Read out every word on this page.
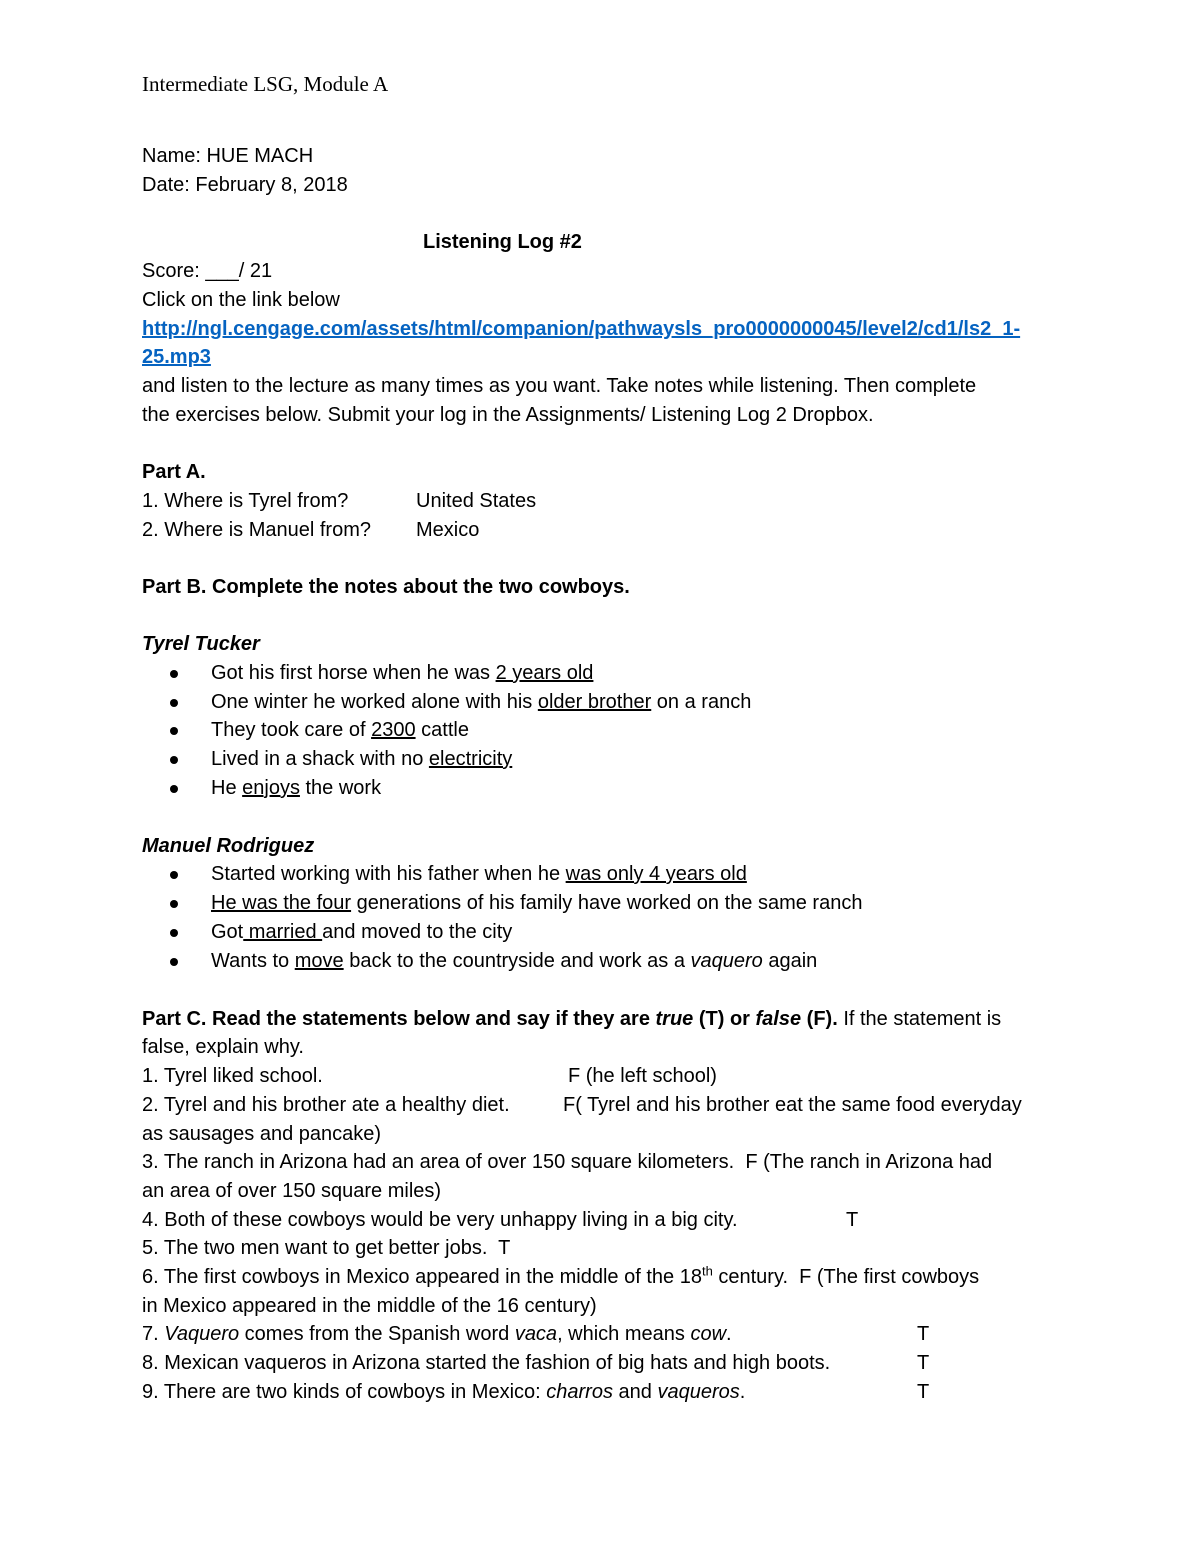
Intermediate LSG, Module A
Name: HUE MACH
Date: February 8, 2018
Listening Log #2
Score: ___/ 21
Click on the link below
http://ngl.cengage.com/assets/html/companion/pathwaysls_pro0000000045/level2/cd1/ls2_1-
25.mp3
and listen to the lecture as many times as you want. Take notes while listening. Then complete
the exercises below. Submit your log in the Assignments/ Listening Log 2 Dropbox.
Part A.
1. Where is Tyrel from?	United States
2. Where is Manuel from? Mexico
Part B. Complete the notes about the two cowboys.
Tyrel Tucker
Got his first horse when he was 2 years old
One winter he worked alone with his older brother on a ranch
They took care of 2300 cattle
Lived in a shack with no electricity
He enjoys the work
Manuel Rodriguez
Started working with his father when he was only 4 years old
He was the four generations of his family have worked on the same ranch
Got married and moved to the city
Wants to move back to the countryside and work as a vaquero again
Part C. Read the statements below and say if they are true (T) or false (F). If the statement is
false, explain why.
1. Tyrel liked school.	F (he left school)
2. Tyrel and his brother ate a healthy diet.	F( Tyrel and his brother eat the same food everyday
as sausages and pancake)
3. The ranch in Arizona had an area of over 150 square kilometers.  F (The ranch in Arizona had
an area of over 150 square miles)
4. Both of these cowboys would be very unhappy living in a big city.	T
5. The two men want to get better jobs.  T
6. The first cowboys in Mexico appeared in the middle of the 18th century.  F (The first cowboys
in Mexico appeared in the middle of the 16 century)
7. Vaquero comes from the Spanish word vaca, which means cow.	T
8. Mexican vaqueros in Arizona started the fashion of big hats and high boots.	T
9. There are two kinds of cowboys in Mexico: charros and vaqueros.	T
